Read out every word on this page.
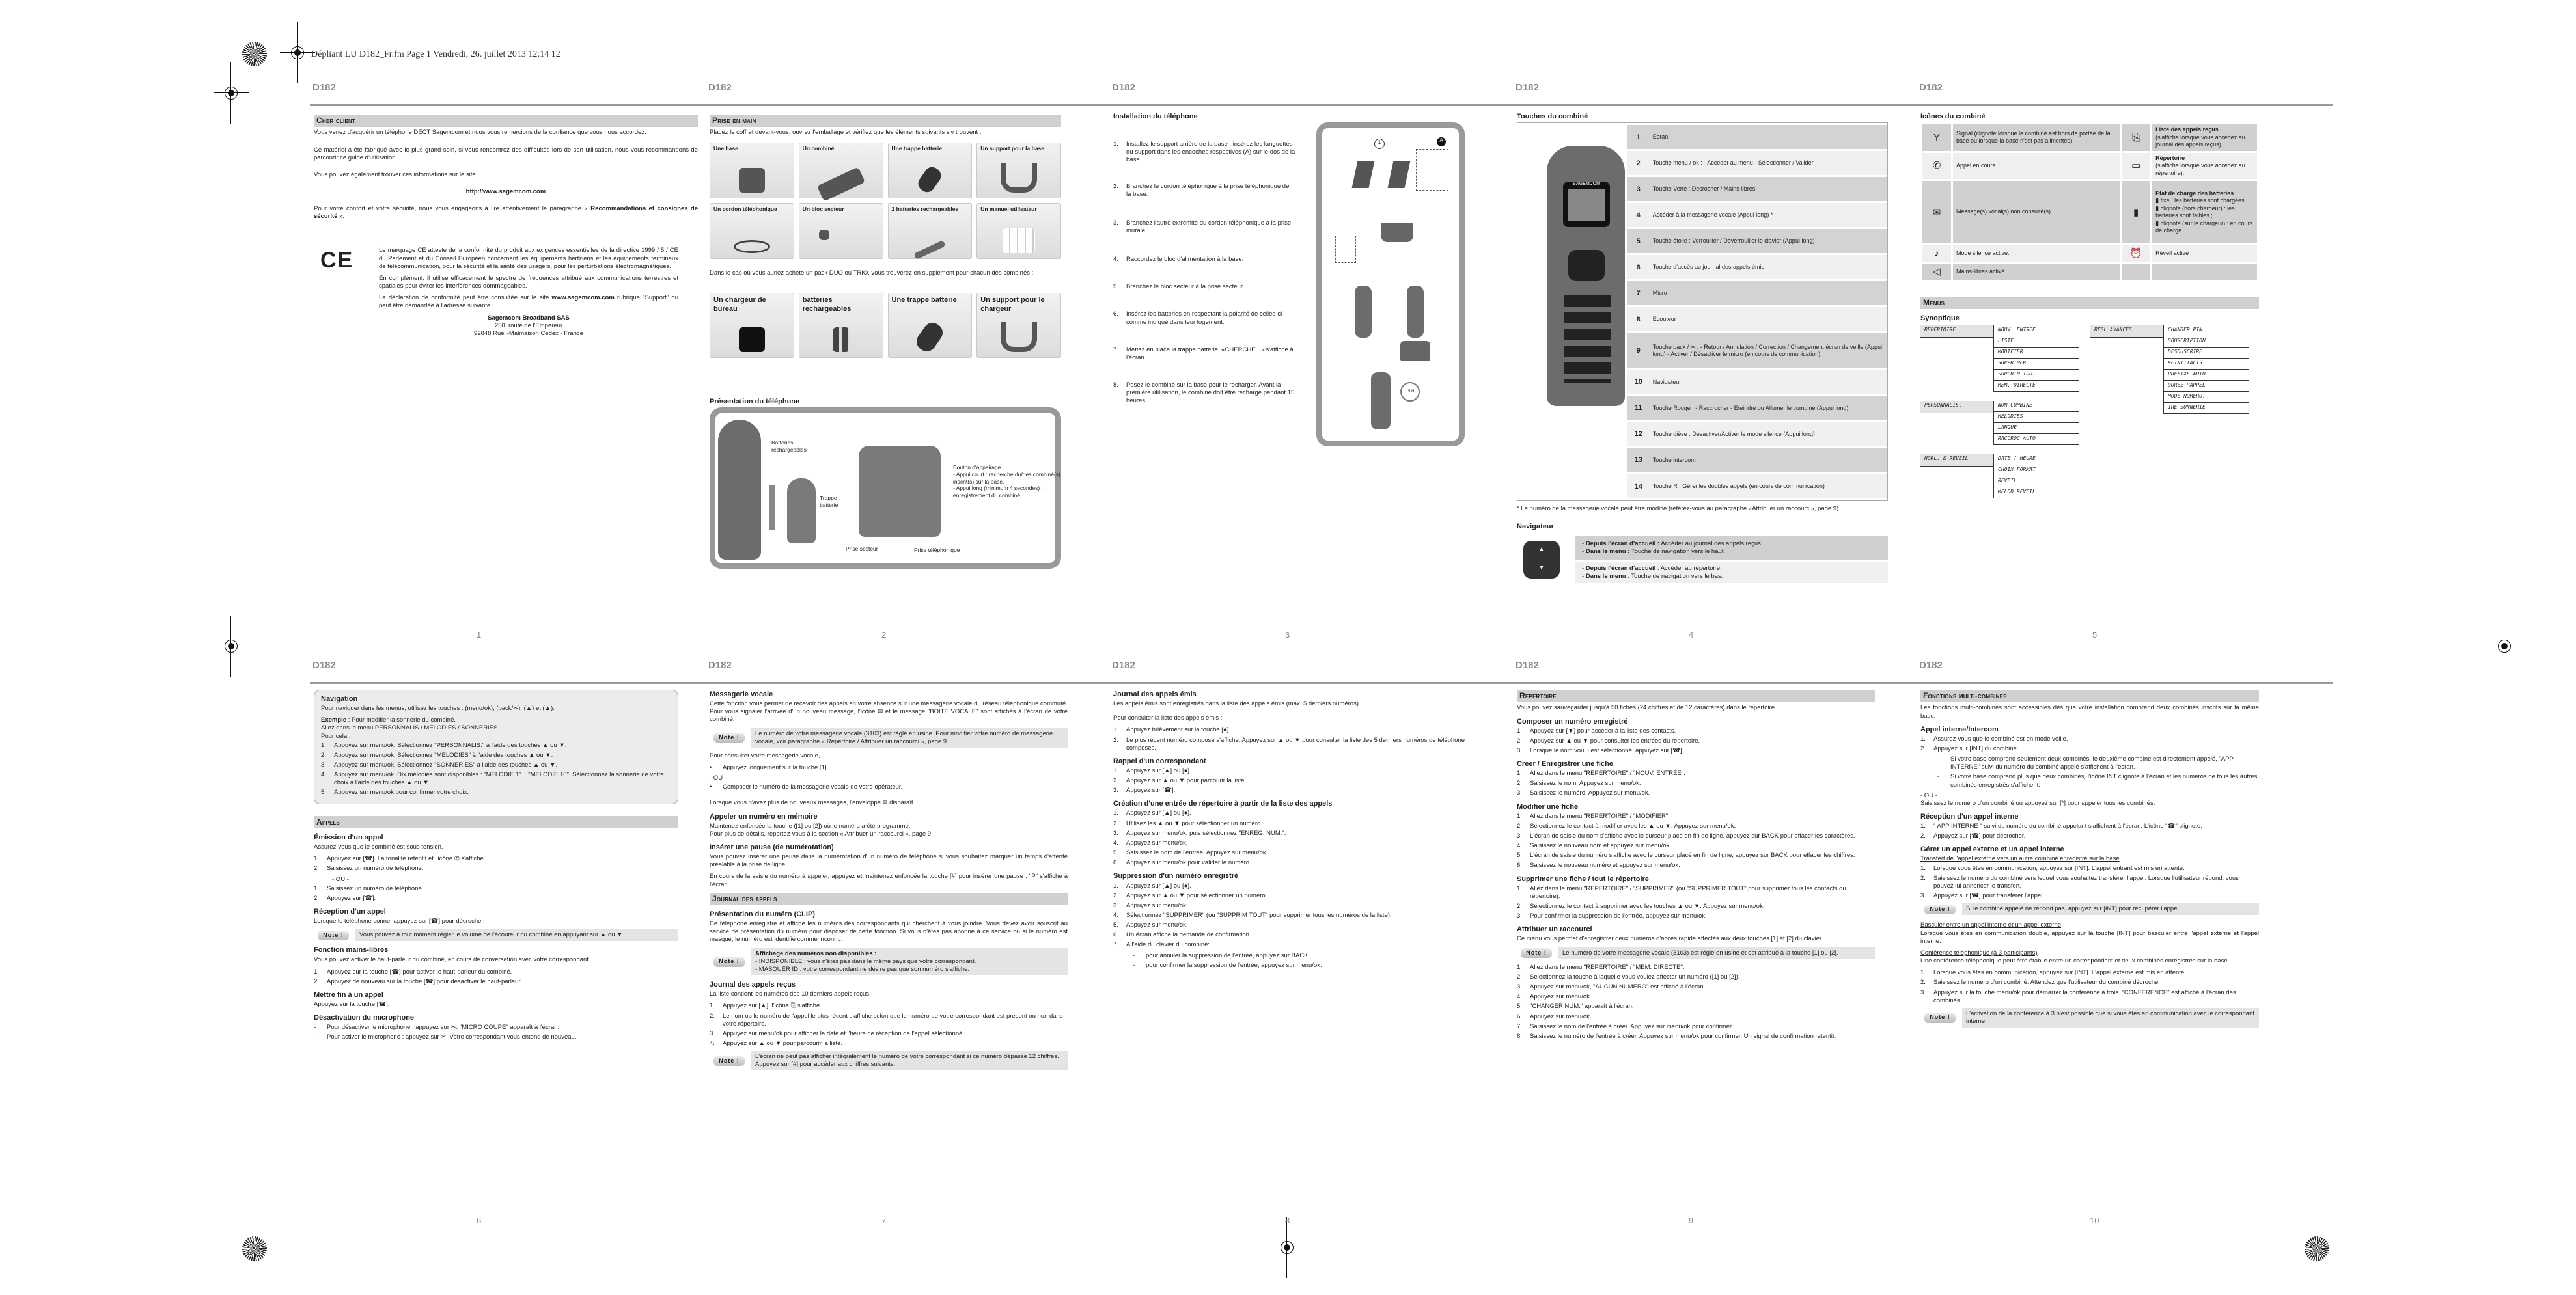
Dépliant LU D182_Fr.fm Page 1 Vendredi, 26. juillet 2013 12:14 12
D182
Cher client

Vous venez d'acquérir un téléphone DECT Sagemcom et nous vous remercions de la confiance que vous nous accordez.

Ce matériel a été fabriqué avec le plus grand soin, si vous rencontrez des difficultés lors de son utilisation, nous vous recommandons de parcourir ce guide d'utilisation.

Vous pouvez également trouver ces informations sur le site :

http://www.sagemcom.com

Pour votre confort et votre sécurité, nous vous engageons à lire attentivement le paragraphe « Recommandations et consignes de sécurité ».

CE	Le marquage CE atteste de la conformité du produit aux exigences essentielles de la directive 1999 / 5 / CE du Parlement et du Conseil Européen concernant les équipements hertziens et les équipements terminaux de télécommunication, pour la sécurité et la santé des usagers, pour les perturbations électromagnétiques.

En complément, il utilise efficacement le spectre de fréquences attribué aux communications terrestres et spatiales pour éviter les interférences dommageables.

La déclaration de conformité peut être consultée sur le site www.sagemcom.com rubrique "Support" ou peut être demandée à l'adresse suivante :

Sagemcom Broadband SAS

250, route de l'Empereur

92848 Rueil-Malmaison Cedex - France

1
D182
Prise en main

Placez le coffret devant-vous, ouvrez l'emballage et vérifiez que les éléments suivants s'y trouvent :

Une base	Un combiné	Une trappe batterie	Un support pour la base
Un cordon téléphonique	Un bloc secteur	2 batteries rechargeables	Un manuel utilisateur

Dans le cas où vous auriez acheté un pack DUO ou TRIO, vous trouverez en supplément pour chacun des combinés :

Un chargeur de bureau
batteries rechargeables
Une trappe batterie	Un support pour le chargeur
Présentation du téléphone
Batteries rechargeables
Trappe batterie
Bouton d'appairage
- Appui court : recherche du/des combiné(s) inscrit(s) sur la base.
- Appui long (minimum 4 secondes) : enregistrement du combiné.
Prise secteur	Prise téléphonique
2
D182
Installation du téléphone
1. Installez le support arrière de la base : insérez les languettes du support dans les encoches respectives (A) sur le dos de la base.
2. Branchez le cordon téléphonique à la prise téléphonique de la base.
3. Branchez l'autre extrémité du cordon téléphonique à la prise murale.
4. Raccordez le bloc d'alimentation à la base.
5. Branchez le bloc secteur à la prise secteur.
6. Insérez les batteries en respectant la polarité de celles-ci comme indiqué dans leur logement.
7. Mettez en place la trappe batterie. «CHERCHE...» s'affiche à l'écran.
8. Posez le combiné sur la base pour le recharger. Avant la première utilisation, le combiné doit être rechargé pendant 15 heures.
1	A
15 H
3
D182
Touches du combiné
SAGEMCOM
1	Ecran
2	Touche menu / ok : - Accéder au menu - Sélectionner / Valider
3	Touche Verte : Décrocher / Mains-libres
4	Accéder à la messagerie vocale (Appui long) *
5	Touche étoile : Verrouiller / Déverrouiller le clavier (Appui long)
6	Touche d'accès au journal des appels émis
7	Micro
8	Ecouteur
9	Touche back / ✂ : - Retour / Annulation / Correction / Changement écran de veille (Appui long) - Activer / Désactiver le micro (en cours de communication).
10	Navigateur
11	Touche Rouge : - Raccrocher - Eteindre ou Allumer le combiné (Appui long)
12	Touche dièse : Désactiver/Activer le mode silence (Appui long)
13	Touche intercom
14	Touche R : Gérer les doubles appels (en cours de communication)

* Le numéro de la messagerie vocale peut être modifié (référez-vous au paragraphe «Attribuer un raccourci», page 9).

Navigateur
▲
▼
- Depuis l'écran d'accueil : Accéder au journal des appels reçus.
- Dans le menu : Touche de navigation vers le haut.
- Depuis l'écran d'accueil : Accéder au répertoire.
- Dans le menu : Touche de navigation vers le bas.
4
D182
Icônes du combiné
Y	Signal (clignote lorsque le combiné est hors de portée de la base ou lorsque la base n'est pas alimentée).	⎘	Liste des appels reçus
(s'affiche lorsque vous accédez au journal des appels reçus).
✆	Appel en cours	▭	Répertoire
(s'affiche lorsque vous accédez au répertoire).
✉	Message(s) vocal(s) non consulté(s)	▮	Etat de charge des batteries
▮ fixe : les batteries sont chargées
▮ clignote (hors chargeur) : les batteries sont faibles ;
▮ clignote (sur le chargeur) : en cours de charge.
♪	Mode silence activé.	⏰	Réveil activé
◁	Mains-libres activé		
Menus
Synoptique
REPERTOIRE	NOUV. ENTREE
LISTE
MODIFIER
SUPPRIMER
SUPPRIM TOUT
MEM. DIRECTE
PERSONNALIS.	NOM COMBINE
MELODIES
LANGUE
RACCROC AUTO
HORL. & REVEIL	DATE / HEURE
CHOIX FORMAT
REVEIL
MELOD REVEIL
REGL AVANCES	CHANGER PIN
SOUSCRIPTION
DESOUSCRIRE
REINITIALIS.
PREFIXE AUTO
DUREE RAPPEL
MODE NUMEROT
1RE SONNERIE
5
D182
Navigation

Pour naviguer dans les menus, utilisez les touches : (menu/ok), (back/✂), (▲) et (▲).

Exemple : Pour modifier la sonnerie du combiné.

Allez dans le menu PERSONNALIS / MELODIES / SONNERIES.

Pour cela :

1. Appuyez sur menu/ok. Sélectionnez "PERSONNALIS." à l'aide des touches ▲ ou ▼.
2. Appuyez sur menu/ok. Sélectionnez "MELODIES" à l'aide des touches ▲ ou ▼.
3. Appuyez sur menu/ok. Sélectionnez "SONNERIES" à l'aide des touches ▲ ou ▼.
4. Appuyez sur menu/ok. Dix mélodies sont disponibles : "MELODIE 1"... "MELODIE 10". Sélectionnez la sonnerie de votre choix à l'aide des touches ▲ ou ▼.
5. Appuyez sur menu/ok pour confirmer votre choix.
Appels
Émission d'un appel

Assurez-vous que le combiné est sous tension.

1. Appuyez sur [☎]. La tonalité retentit et l'icône ✆ s'affiche.
2. Saisissez un numéro de téléphone.
- OU -
1. Saisissez un numéro de téléphone.
2. Appuyez sur [☎].
Réception d'un appel

Lorsque le téléphone sonne, appuyez sur [☎] pour décrocher.

Note !	Vous pouvez à tout moment régler le volume de l'écouteur du combiné en appuyant sur ▲ ou ▼.
Fonction mains-libres

Vous pouvez activer le haut-parleur du combiné, en cours de conversation avec votre correspondant.

1. Appuyez sur la touche [☎] pour activer le haut-parleur du combiné.
2. Appuyez de nouveau sur la touche [☎] pour désactiver le haut-parleur.
Mettre fin à un appel

Appuyez sur la touche [☎].

Désactivation du microphone
- Pour désactiver le microphone : appuyez sur ✂. "MICRO COUPE" apparaît à l'écran.
- Pour activer le microphone : appuyez sur ✂. Votre correspondant vous entend de nouveau.
6
D182
Messagerie vocale

Cette fonction vous permet de recevoir des appels en votre absence sur une messagerie vocale du réseau téléphonique commuté.

Pour vous signaler l'arrivée d'un nouveau message, l'icône ✉ et le message "BOITE VOCALE" sont affichés à l'écran de votre combiné.

Note !
Le numéro de votre messagerie vocale (3103) est réglé en usine. Pour modifier votre numéro de messagerie vocale, voir paragraphe « Répertoire / Attribuer un raccourci », page 9.

Pour consulter votre messagerie vocale,

• Appuyez longuement sur la touche [1].
- OU -
• Composer le numéro de la messagerie vocale de votre opérateur.

Lorsque vous n'avez plus de nouveaux messages, l'enveloppe ✉ disparaît.

Appeler un numéro en mémoire

Maintenez enfoncée la touche ([1] ou [2]) où le numéro a été programmé.

Pour plus de détails, reportez-vous à la section « Attribuer un raccourci », page 9.

Insérer une pause (de numérotation)

Vous pouvez insérer une pause dans la numérotation d'un numéro de téléphone si vous souhaitez marquer un temps d'attente préalable à la prise de ligne.

En cours de la saisie du numéro à appeler, appuyez et maintenez enfoncée la touche [#] pour insérer une pause : "P" s'affiche à l'écran.

Journal des appels
Présentation du numéro (CLIP)

Ce téléphone enregistre et affiche les numéros des correspondants qui cherchent à vous joindre. Vous devez avoir souscrit au service de présentation du numéro pour disposer de cette fonction. Si vous n'êtes pas abonné à ce service ou si le numéro est masqué, le numéro est identifié comme inconnu.

Note !
Affichage des numéros non disponibles :
- INDISPONIBLE : vous n'êtes pas dans le même pays que votre correspondant.
- MASQUER ID : votre correspondant ne désire pas que son numéro s'affiche.
Journal des appels reçus

La liste contient les numéros des 10 derniers appels reçus.

1. Appuyez sur [▲], l'icône ⎘ s'affiche.
2. Le nom ou le numéro de l'appel le plus récent s'affiche selon que le numéro de votre correspondant est présent ou non dans votre répertoire.
3. Appuyez sur menu/ok pour afficher la date et l'heure de réception de l'appel sélectionné.
4. Appuyez sur ▲ ou ▼ pour parcourir la liste.
Note !
L'écran ne peut pas afficher intégralement le numéro de votre correspondant si ce numéro dépasse 12 chiffres.
Appuyez sur [#] pour accéder aux chiffres suivants.
7
D182
Journal des appels émis

Les appels émis sont enregistrés dans la liste des appels émis (max. 5 derniers numéros).

Pour consulter la liste des appels émis :

1. Appuyez brièvement sur la touche [●].
2. Le plus récent numéro composé s'affiche. Appuyez sur ▲ ou ▼ pour consulter la liste des 5 derniers numéros de téléphone composés.
Rappel d'un correspondant
1. Appuyez sur [▲] ou [●].
2. Appuyez sur ▲ ou ▼ pour parcourir la liste.
3. Appuyez sur [☎].
Création d'une entrée de répertoire à partir de la liste des appels
1. Appuyez sur [▲] ou [●].
2. Utilisez les ▲ ou ▼ pour sélectionner un numéro.
3. Appuyez sur menu/ok, puis sélectionnez "ENREG. NUM.".
4. Appuyez sur menu/ok.
5. Saisissez le nom de l'entrée. Appuyez sur menu/ok.
6. Appuyez sur menu/ok pour valider le numéro.
Suppression d'un numéro enregistré
1. Appuyez sur [▲] ou [●].
2. Appuyez sur ▲ ou ▼ pour sélectionner un numéro.
3. Appuyez sur menu/ok.
4. Sélectionnez "SUPPRIMER" (ou "SUPPRIM TOUT" pour supprimer tous les numéros de la liste).
5. Appuyez sur menu/ok.
6. Un écran affiche la demande de confirmation.
7. A l'aide du clavier du combiné:
- pour annuler la suppression de l'entrée, appuyez sur BACK.
- pour confirmer la suppression de l'entrée, appuyez sur menu/ok.
8
D182
Repertoire

Vous pouvez sauvegarder jusqu'à 50 fiches (24 chiffres et de 12 caractères) dans le répertoire.

Composer un numéro enregistré
1. Appuyez sur [▼] pour accéder à la liste des contacts.
2. Appuyez sur ▲ ou ▼ pour consulter les entrées du répertoire.
3. Lorsque le nom voulu est sélectionné, appuyez sur [☎].
Créer / Enregistrer une fiche
1. Allez dans le menu "REPERTOIRE" / "NOUV. ENTREE".
2. Saisissez le nom. Appuyez sur menu/ok.
3. Saisissez le numéro. Appuyez sur menu/ok.
Modifier une fiche
1. Allez dans le menu "REPERTOIRE" / "MODIFIER".
2. Sélectionnez le contact à modifier avec les ▲ ou ▼. Appuyez sur menu/ok.
3. L'écran de saisie du nom s'affiche avec le curseur placé en fin de ligne, appuyez sur BACK pour effacer les caractères.
4. Saisissez le nouveau nom et appuyez sur menu/ok.
5. L'écran de saisie du numéro s'affiche avec le curseur placé en fin de ligne, appuyez sur BACK pour effacer les chiffres.
6. Saisissez le nouveau numéro et appuyez sur menu/ok.
Supprimer une fiche / tout le répertoire
1. Allez dans le menu "REPERTOIRE" / "SUPPRIMER" (ou "SUPPRIMER TOUT" pour supprimer tous les contacts du répertoire).
2. Sélectionnez le contact à supprimer avec les touches ▲ ou ▼. Appuyez sur menu/ok.
3. Pour confirmer la suppression de l'entrée, appuyez sur menu/ok.
Attribuer un raccourci

Ce menu vous permet d'enregistrer deux numéros d'accès rapide affectés aux deux touches [1] et [2] du clavier.

Note !	Le numéro de votre messagerie vocale (3103) est réglé en usine et est attribué à la touche [1] ou [2].
1. Allez dans le menu "REPERTOIRE" / "MEM. DIRECTE".
2. Sélectionnez la touche à laquelle vous voulez affecter un numéro ([1] ou [2]).
3. Appuyez sur menu/ok, "AUCUN NUMERO" est affiché à l'écran.
4. Appuyez sur menu/ok.
5. "CHANGER NUM." apparaît à l'écran.
6. Appuyez sur menu/ok.
7. Saisissez le nom de l'entrée à créer. Appuyez sur menu/ok pour confirmer.
8. Saisissez le numéro de l'entrée à créer. Appuyez sur menu/ok pour confirmer. Un signal de confirmation retentit.
9
D182
Fonctions multi-combines

Les fonctions multi-combinés sont accessibles dès que votre installation comprend deux combinés inscrits sur la même base.

Appel interne/Intercom
1. Assurez-vous que le combiné est en mode veille.
2. Appuyez sur [INT] du combiné.
- Si votre base comprend seulement deux combinés, le deuxième combiné est directement appelé, "APP INTERNE" suivi du numéro du combiné appelé s'affichent à l'écran.
- Si votre base comprend plus que deux combinés, l'icône INT clignote à l'écran et les numéros de tous les autres combinés enregistrés s'affichent.
- OU -

Saisissez le numéro d'un combiné ou appuyez sur [*] pour appeler tous les combinés.

Réception d'un appel interne
1. " APP INTERNE " suivi du numéro du combiné appelant s'affichent à l'écran. L'icône "☎" clignote.
2. Appuyez sur [☎] pour décrocher.
Gérer un appel externe et un appel interne
Transfert de l'appel externe vers un autre combiné enregistré sur la base
1. Lorsque vous êtes en communication, appuyez sur [INT]. L'appel entrant est mis en attente.
2. Saisissez le numéro du combiné vers lequel vous souhaitez transférer l'appel. Lorsque l'utilisateur répond, vous pouvez lui annoncer le transfert.
3. Appuyez sur [☎] pour transférer l'appel.
Note !	Si le combiné appelé ne répond pas, appuyez sur [INT] pour récupérer l'appel.
Basculer entre un appel interne et un appel externe

Lorsque vous êtes en communication double, appuyez sur la touche [INT] pour basculer entre l'appel externe et l'appel interne.

Conférence téléphonique (à 3 participants)

Une conférence téléphonique peut être établie entre un correspondant et deux combinés enregistrés sur la base.

1. Lorsque vous êtes en communication, appuyez sur [INT]. L'appel externe est mis en attente.
2. Saisissez le numéro d'un combiné. Attendez que l'utilisateur du combiné décroche.
3. Appuyez sur la touche menu/ok pour démarrer la conférence à trois. "CONFERENCE" est affiché à l'écran des combinés.
Note !
L'activation de la conférence à 3 n'est possible que si vous êtes en communication avec le correspondant interne.
10
